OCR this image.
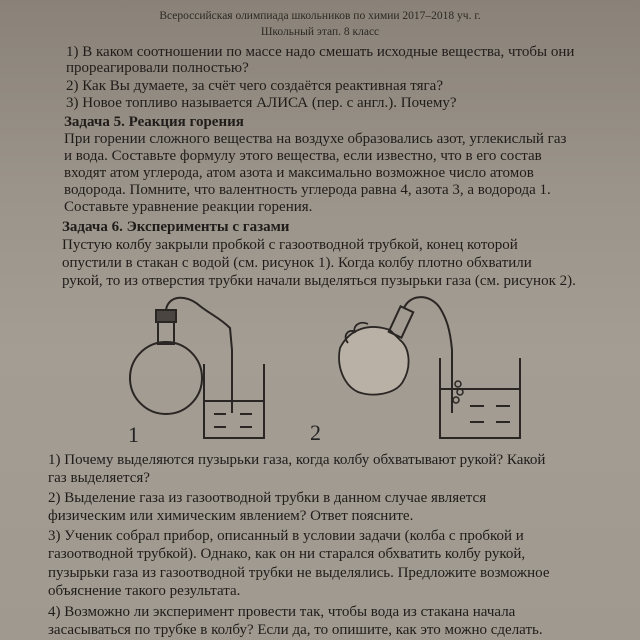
Всероссийская олимпиада школьников по химии 2017–2018 уч. г.
Школьный этап. 8 класс
1) В каком соотношении по массе надо смешать исходные вещества, чтобы они
прореагировали полностью?
2) Как Вы думаете, за счёт чего создаётся реактивная тяга?
3) Новое топливо называется АЛИСА (пер. с англ.). Почему?
Задача 5. Реакция горения
При горении сложного вещества на воздухе образовались азот, углекислый газ
и вода. Составьте формулу этого вещества, если известно, что в его состав
входят атом углерода, атом азота и максимально возможное число атомов
водорода. Помните, что валентность углерода равна 4, азота 3, а водорода 1.
Составьте уравнение реакции горения.
Задача 6. Эксперименты с газами
Пустую колбу закрыли пробкой с газоотводной трубкой, конец которой
опустили в стакан с водой (см. рисунок 1). Когда колбу плотно обхватили
рукой, то из отверстия трубки начали выделяться пузырьки газа (см. рисунок 2).
1	2
1) Почему выделяются пузырьки газа, когда колбу обхватывают рукой? Какой
газ выделяется?
2) Выделение газа из газоотводной трубки в данном случае является
физическим или химическим явлением? Ответ поясните.
3) Ученик собрал прибор, описанный в условии задачи (колба с пробкой и
газоотводной трубкой). Однако, как он ни старался обхватить колбу рукой,
пузырьки газа из газоотводной трубки не выделялись. Предложите возможное
объяснение такого результата.
4) Возможно ли эксперимент провести так, чтобы вода из стакана начала
засасываться по трубке в колбу? Если да, то опишите, как это можно сделать.
